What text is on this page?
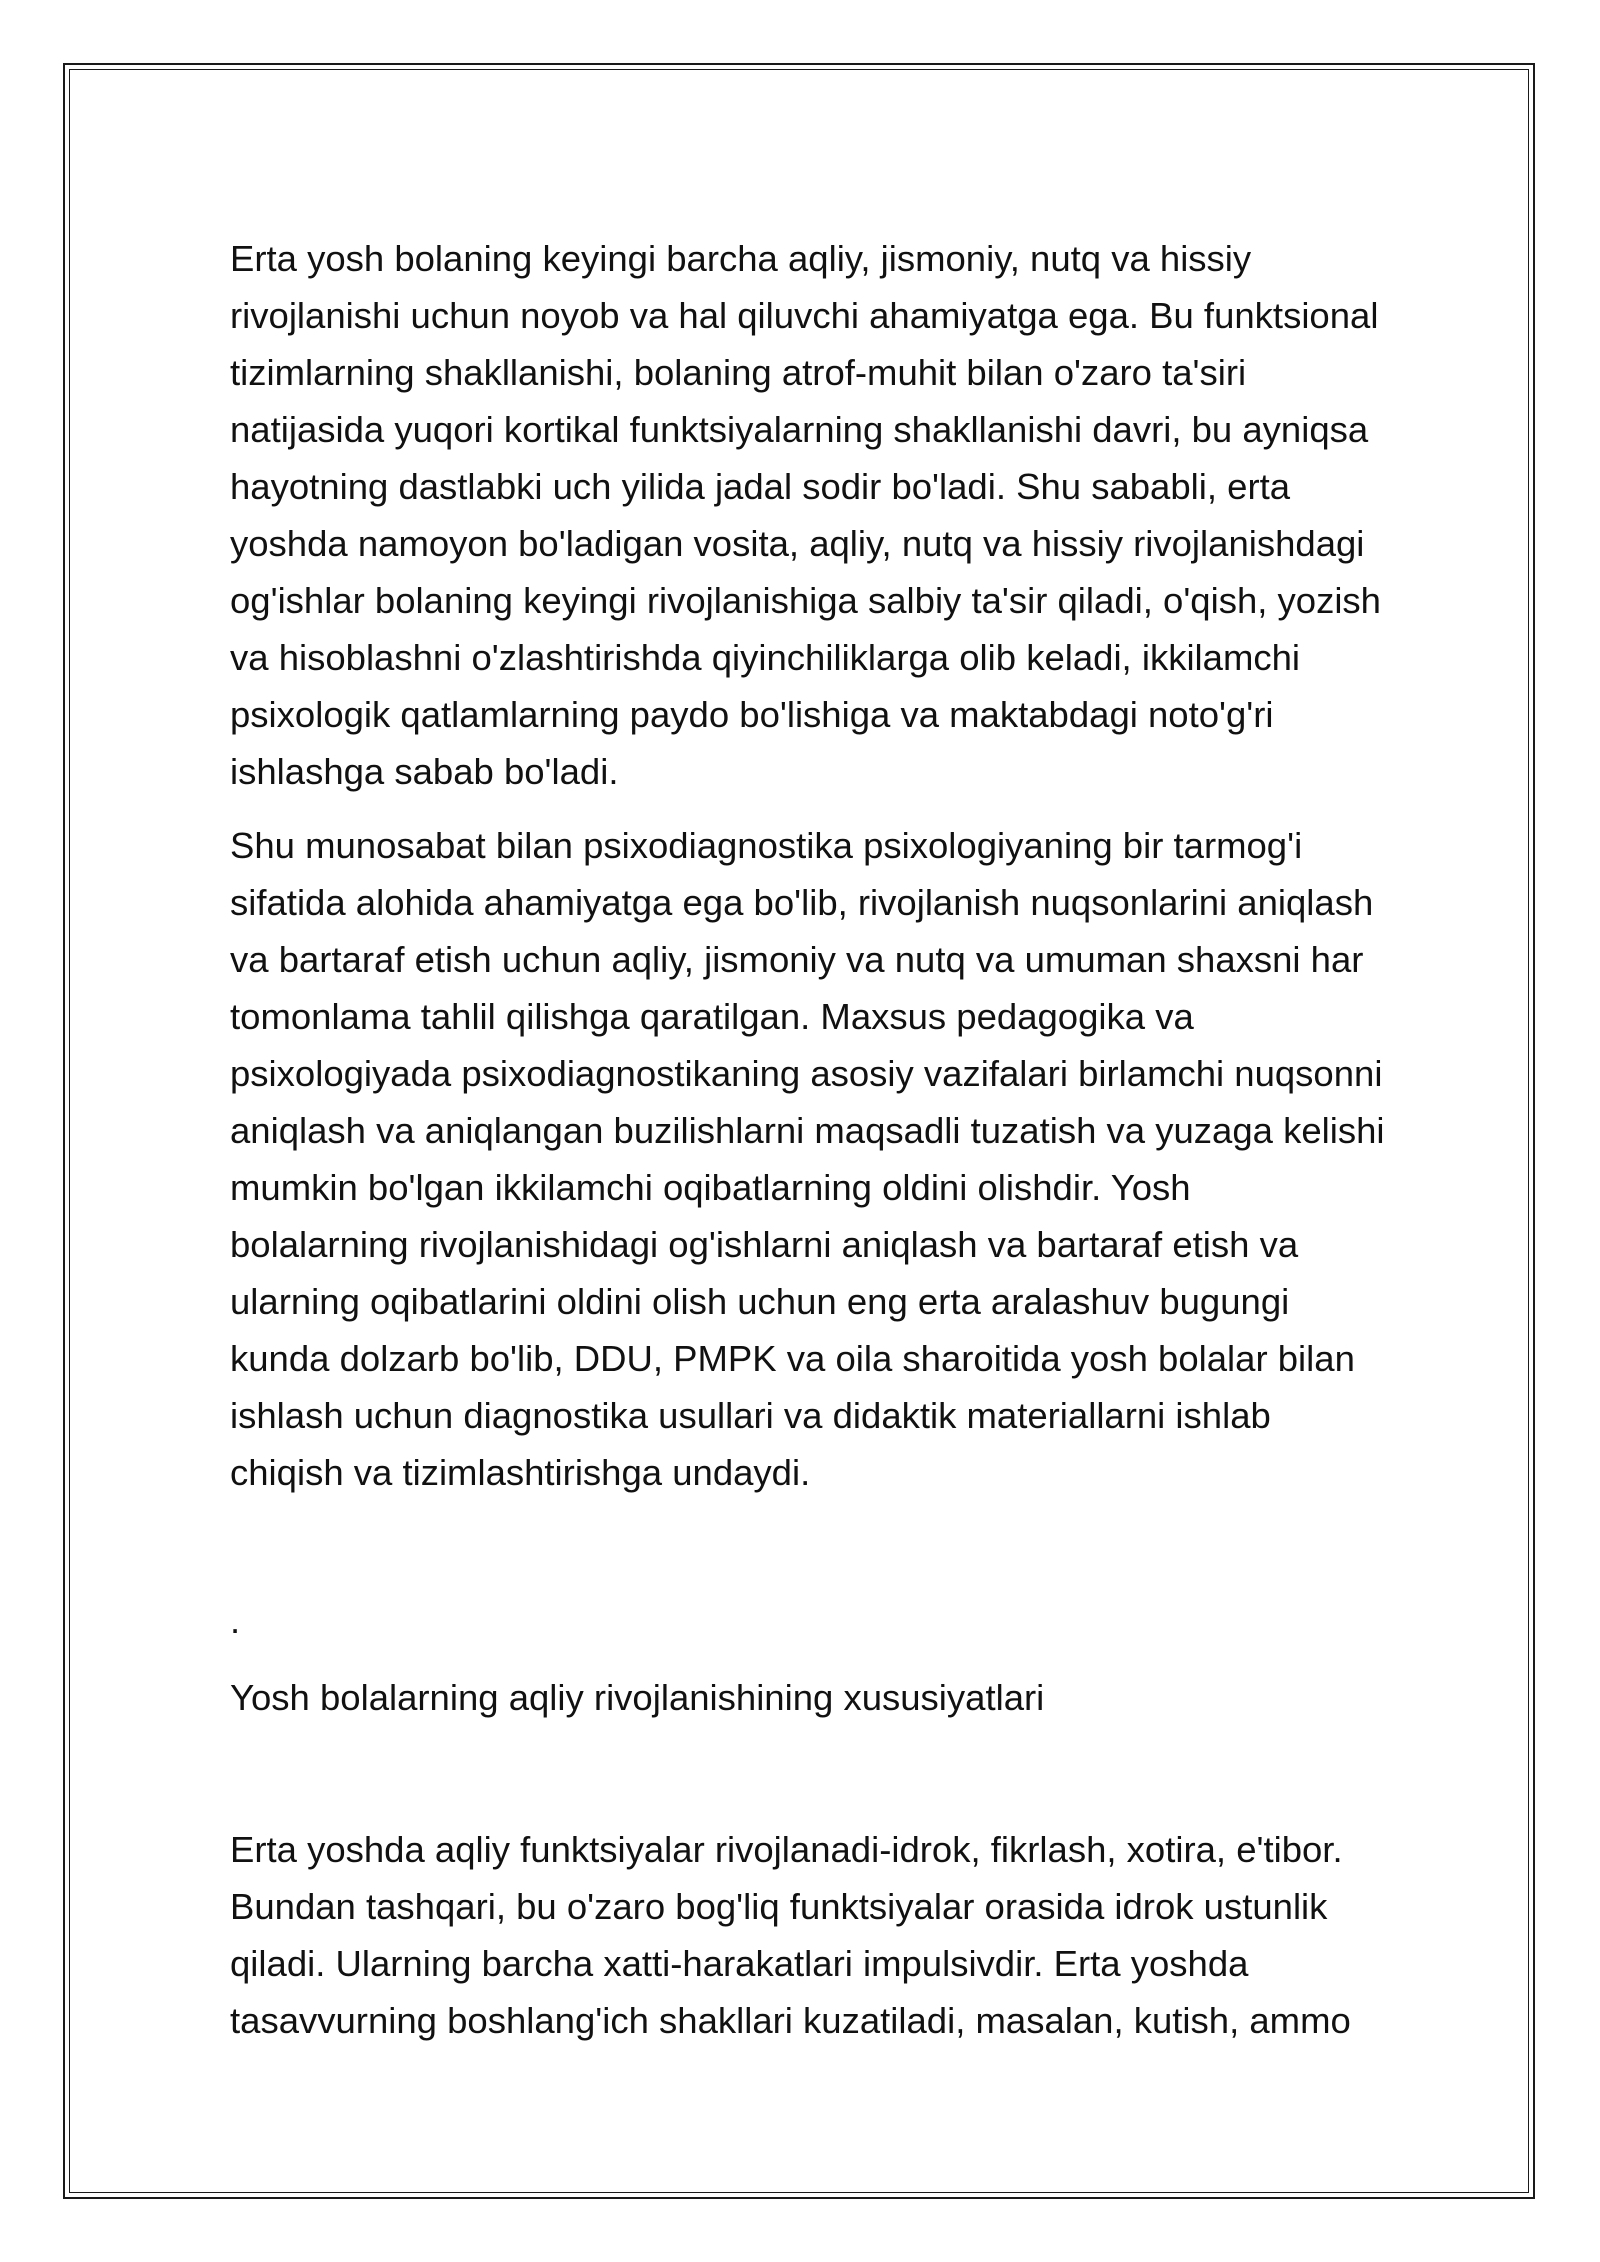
Erta yosh bolaning keyingi barcha aqliy, jismoniy, nutq va hissiy
rivojlanishi uchun noyob va hal qiluvchi ahamiyatga ega. Bu funktsional
tizimlarning shakllanishi, bolaning atrof-muhit bilan o'zaro ta'siri
natijasida yuqori kortikal funktsiyalarning shakllanishi davri, bu ayniqsa
hayotning dastlabki uch yilida jadal sodir bo'ladi. Shu sababli, erta
yoshda namoyon bo'ladigan vosita, aqliy, nutq va hissiy rivojlanishdagi
og'ishlar bolaning keyingi rivojlanishiga salbiy ta'sir qiladi, o'qish, yozish
va hisoblashni o'zlashtirishda qiyinchiliklarga olib keladi, ikkilamchi
psixologik qatlamlarning paydo bo'lishiga va maktabdagi noto'g'ri
ishlashga sabab bo'ladi.

Shu munosabat bilan psixodiagnostika psixologiyaning bir tarmog'i
sifatida alohida ahamiyatga ega bo'lib, rivojlanish nuqsonlarini aniqlash
va bartaraf etish uchun aqliy, jismoniy va nutq va umuman shaxsni har
tomonlama tahlil qilishga qaratilgan. Maxsus pedagogika va
psixologiyada psixodiagnostikaning asosiy vazifalari birlamchi nuqsonni
aniqlash va aniqlangan buzilishlarni maqsadli tuzatish va yuzaga kelishi
mumkin bo'lgan ikkilamchi oqibatlarning oldini olishdir. Yosh
bolalarning rivojlanishidagi og'ishlarni aniqlash va bartaraf etish va
ularning oqibatlarini oldini olish uchun eng erta aralashuv bugungi
kunda dolzarb bo'lib, DDU, PMPK va oila sharoitida yosh bolalar bilan
ishlash uchun diagnostika usullari va didaktik materiallarni ishlab
chiqish va tizimlashtirishga undaydi.

.

Yosh bolalarning aqliy rivojlanishining xususiyatlari

Erta yoshda aqliy funktsiyalar rivojlanadi-idrok, fikrlash, xotira, e'tibor.
Bundan tashqari, bu o'zaro bog'liq funktsiyalar orasida idrok ustunlik
qiladi. Ularning barcha xatti-harakatlari impulsivdir. Erta yoshda
tasavvurning boshlang'ich shakllari kuzatiladi, masalan, kutish, ammo
